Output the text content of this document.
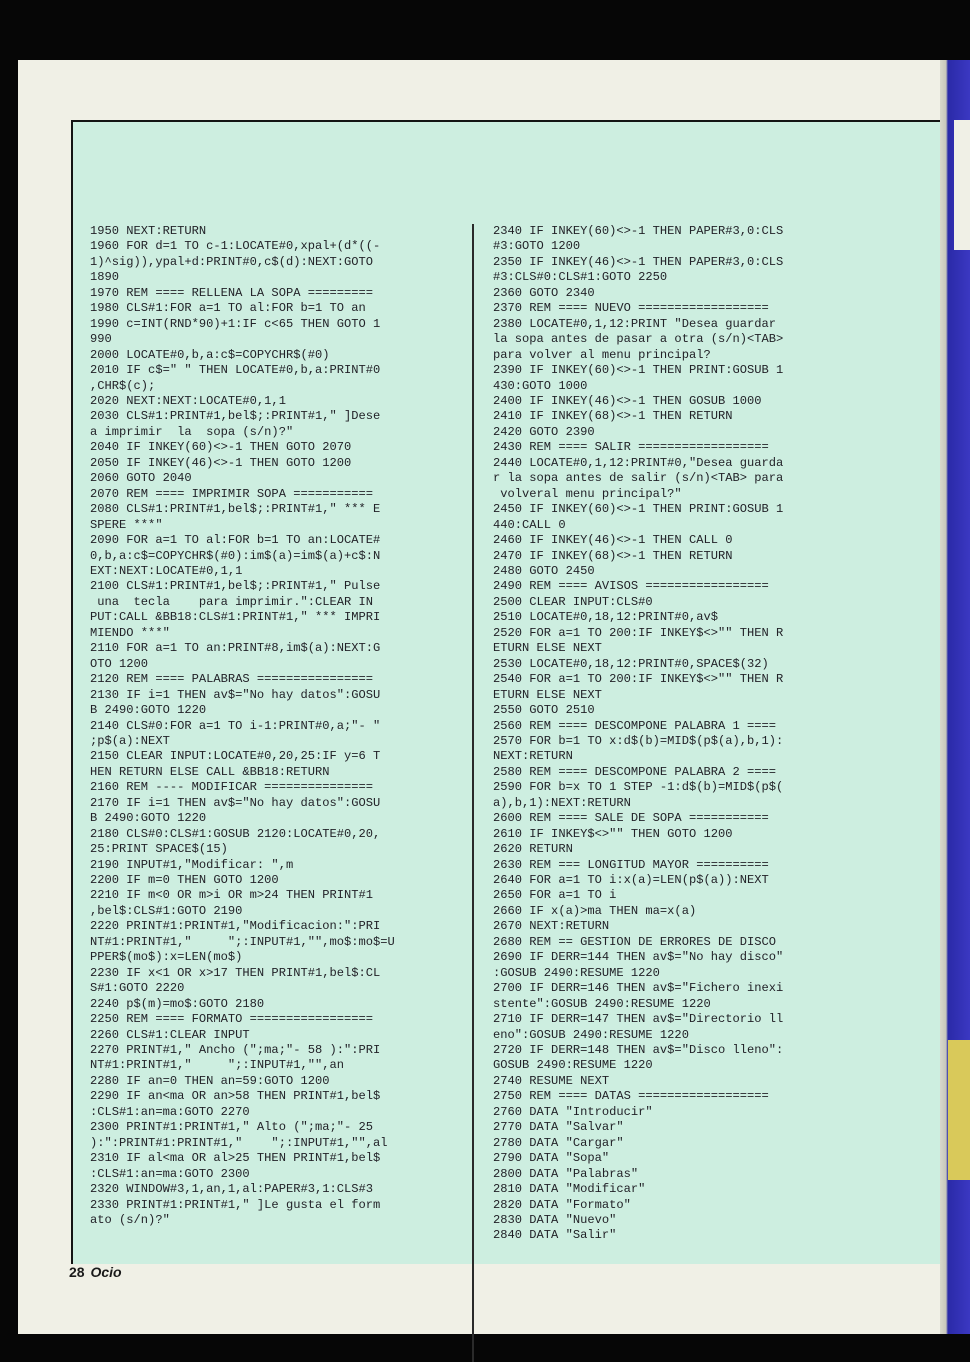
1950 NEXT:RETURN
1960 FOR d=1 TO c-1:LOCATE#0,xpal+(d*((-
1)^sig)),ypal+d:PRINT#0,c$(d):NEXT:GOTO
1890
1970 REM ==== RELLENA LA SOPA =========
1980 CLS#1:FOR a=1 TO al:FOR b=1 TO an
1990 c=INT(RND*90)+1:IF c<65 THEN GOTO 1
990
2000 LOCATE#0,b,a:c$=COPYCHR$(#0)
2010 IF c$=" " THEN LOCATE#0,b,a:PRINT#0
,CHR$(c);
2020 NEXT:NEXT:LOCATE#0,1,1
2030 CLS#1:PRINT#1,bel$;:PRINT#1," ]Dese
a imprimir  la  sopa (s/n)?"
2040 IF INKEY(60)<>-1 THEN GOTO 2070
2050 IF INKEY(46)<>-1 THEN GOTO 1200
2060 GOTO 2040
2070 REM ==== IMPRIMIR SOPA ===========
2080 CLS#1:PRINT#1,bel$;:PRINT#1," *** E
SPERE ***"
2090 FOR a=1 TO al:FOR b=1 TO an:LOCATE#
0,b,a:c$=COPYCHR$(#0):im$(a)=im$(a)+c$:N
EXT:NEXT:LOCATE#0,1,1
2100 CLS#1:PRINT#1,bel$;:PRINT#1," Pulse
una  tecla    para imprimir.":CLEAR IN
PUT:CALL &BB18:CLS#1:PRINT#1," *** IMPRI
MIENDO ***"
2110 FOR a=1 TO an:PRINT#8,im$(a):NEXT:G
OTO 1200
2120 REM ==== PALABRAS ================
2130 IF i=1 THEN av$="No hay datos":GOSU
B 2490:GOTO 1220
2140 CLS#0:FOR a=1 TO i-1:PRINT#0,a;"- "
;p$(a):NEXT
2150 CLEAR INPUT:LOCATE#0,20,25:IF y=6 T
HEN RETURN ELSE CALL &BB18:RETURN
2160 REM ---- MODIFICAR ===============
2170 IF i=1 THEN av$="No hay datos":GOSU
B 2490:GOTO 1220
2180 CLS#0:CLS#1:GOSUB 2120:LOCATE#0,20,
25:PRINT SPACE$(15)
2190 INPUT#1,"Modificar: ",m
2200 IF m=0 THEN GOTO 1200
2210 IF m<0 OR m>i OR m>24 THEN PRINT#1
,bel$:CLS#1:GOTO 2190
2220 PRINT#1:PRINT#1,"Modificacion:":PRI
NT#1:PRINT#1,"     ";:INPUT#1,"",mo$:mo$=U
PPER$(mo$):x=LEN(mo$)
2230 IF x<1 OR x>17 THEN PRINT#1,bel$:CL
S#1:GOTO 2220
2240 p$(m)=mo$:GOTO 2180
2250 REM ==== FORMATO =================
2260 CLS#1:CLEAR INPUT
2270 PRINT#1," Ancho (";ma;"- 58 ):":PRI
NT#1:PRINT#1,"     ";:INPUT#1,"",an
2280 IF an=0 THEN an=59:GOTO 1200
2290 IF an<ma OR an>58 THEN PRINT#1,bel$
:CLS#1:an=ma:GOTO 2270
2300 PRINT#1:PRINT#1," Alto (";ma;"- 25
):":PRINT#1:PRINT#1,"    ";:INPUT#1,"",al
2310 IF al<ma OR al>25 THEN PRINT#1,bel$
:CLS#1:an=ma:GOTO 2300
2320 WINDOW#3,1,an,1,al:PAPER#3,1:CLS#3
2330 PRINT#1:PRINT#1," ]Le gusta el form
ato (s/n)?"
2340 IF INKEY(60)<>-1 THEN PAPER#3,0:CLS
#3:GOTO 1200
2350 IF INKEY(46)<>-1 THEN PAPER#3,0:CLS
#3:CLS#0:CLS#1:GOTO 2250
2360 GOTO 2340
2370 REM ==== NUEVO ==================
2380 LOCATE#0,1,12:PRINT "Desea guardar
la sopa antes de pasar a otra (s/n)<TAB>
para volver al menu principal?
2390 IF INKEY(60)<>-1 THEN PRINT:GOSUB 1
430:GOTO 1000
2400 IF INKEY(46)<>-1 THEN GOSUB 1000
2410 IF INKEY(68)<>-1 THEN RETURN
2420 GOTO 2390
2430 REM ==== SALIR ==================
2440 LOCATE#0,1,12:PRINT#0,"Desea guarda
r la sopa antes de salir (s/n)<TAB> para
volveral menu principal?"
2450 IF INKEY(60)<>-1 THEN PRINT:GOSUB 1
440:CALL 0
2460 IF INKEY(46)<>-1 THEN CALL 0
2470 IF INKEY(68)<>-1 THEN RETURN
2480 GOTO 2450
2490 REM ==== AVISOS =================
2500 CLEAR INPUT:CLS#0
2510 LOCATE#0,18,12:PRINT#0,av$
2520 FOR a=1 TO 200:IF INKEY$<>"" THEN R
ETURN ELSE NEXT
2530 LOCATE#0,18,12:PRINT#0,SPACE$(32)
2540 FOR a=1 TO 200:IF INKEY$<>"" THEN R
ETURN ELSE NEXT
2550 GOTO 2510
2560 REM ==== DESCOMPONE PALABRA 1 ====
2570 FOR b=1 TO x:d$(b)=MID$(p$(a),b,1):
NEXT:RETURN
2580 REM ==== DESCOMPONE PALABRA 2 ====
2590 FOR b=x TO 1 STEP -1:d$(b)=MID$(p$(
a),b,1):NEXT:RETURN
2600 REM ==== SALE DE SOPA ===========
2610 IF INKEY$<>"" THEN GOTO 1200
2620 RETURN
2630 REM === LONGITUD MAYOR ==========
2640 FOR a=1 TO i:x(a)=LEN(p$(a)):NEXT
2650 FOR a=1 TO i
2660 IF x(a)>ma THEN ma=x(a)
2670 NEXT:RETURN
2680 REM == GESTION DE ERRORES DE DISCO
2690 IF DERR=144 THEN av$="No hay disco"
:GOSUB 2490:RESUME 1220
2700 IF DERR=146 THEN av$="Fichero inexi
stente":GOSUB 2490:RESUME 1220
2710 IF DERR=147 THEN av$="Directorio ll
eno":GOSUB 2490:RESUME 1220
2720 IF DERR=148 THEN av$="Disco lleno":
GOSUB 2490:RESUME 1220
2740 RESUME NEXT
2750 REM ==== DATAS ==================
2760 DATA "Introducir"
2770 DATA "Salvar"
2780 DATA "Cargar"
2790 DATA "Sopa"
2800 DATA "Palabras"
2810 DATA "Modificar"
2820 DATA "Formato"
2830 DATA "Nuevo"
2840 DATA "Salir"
28 Ocio
